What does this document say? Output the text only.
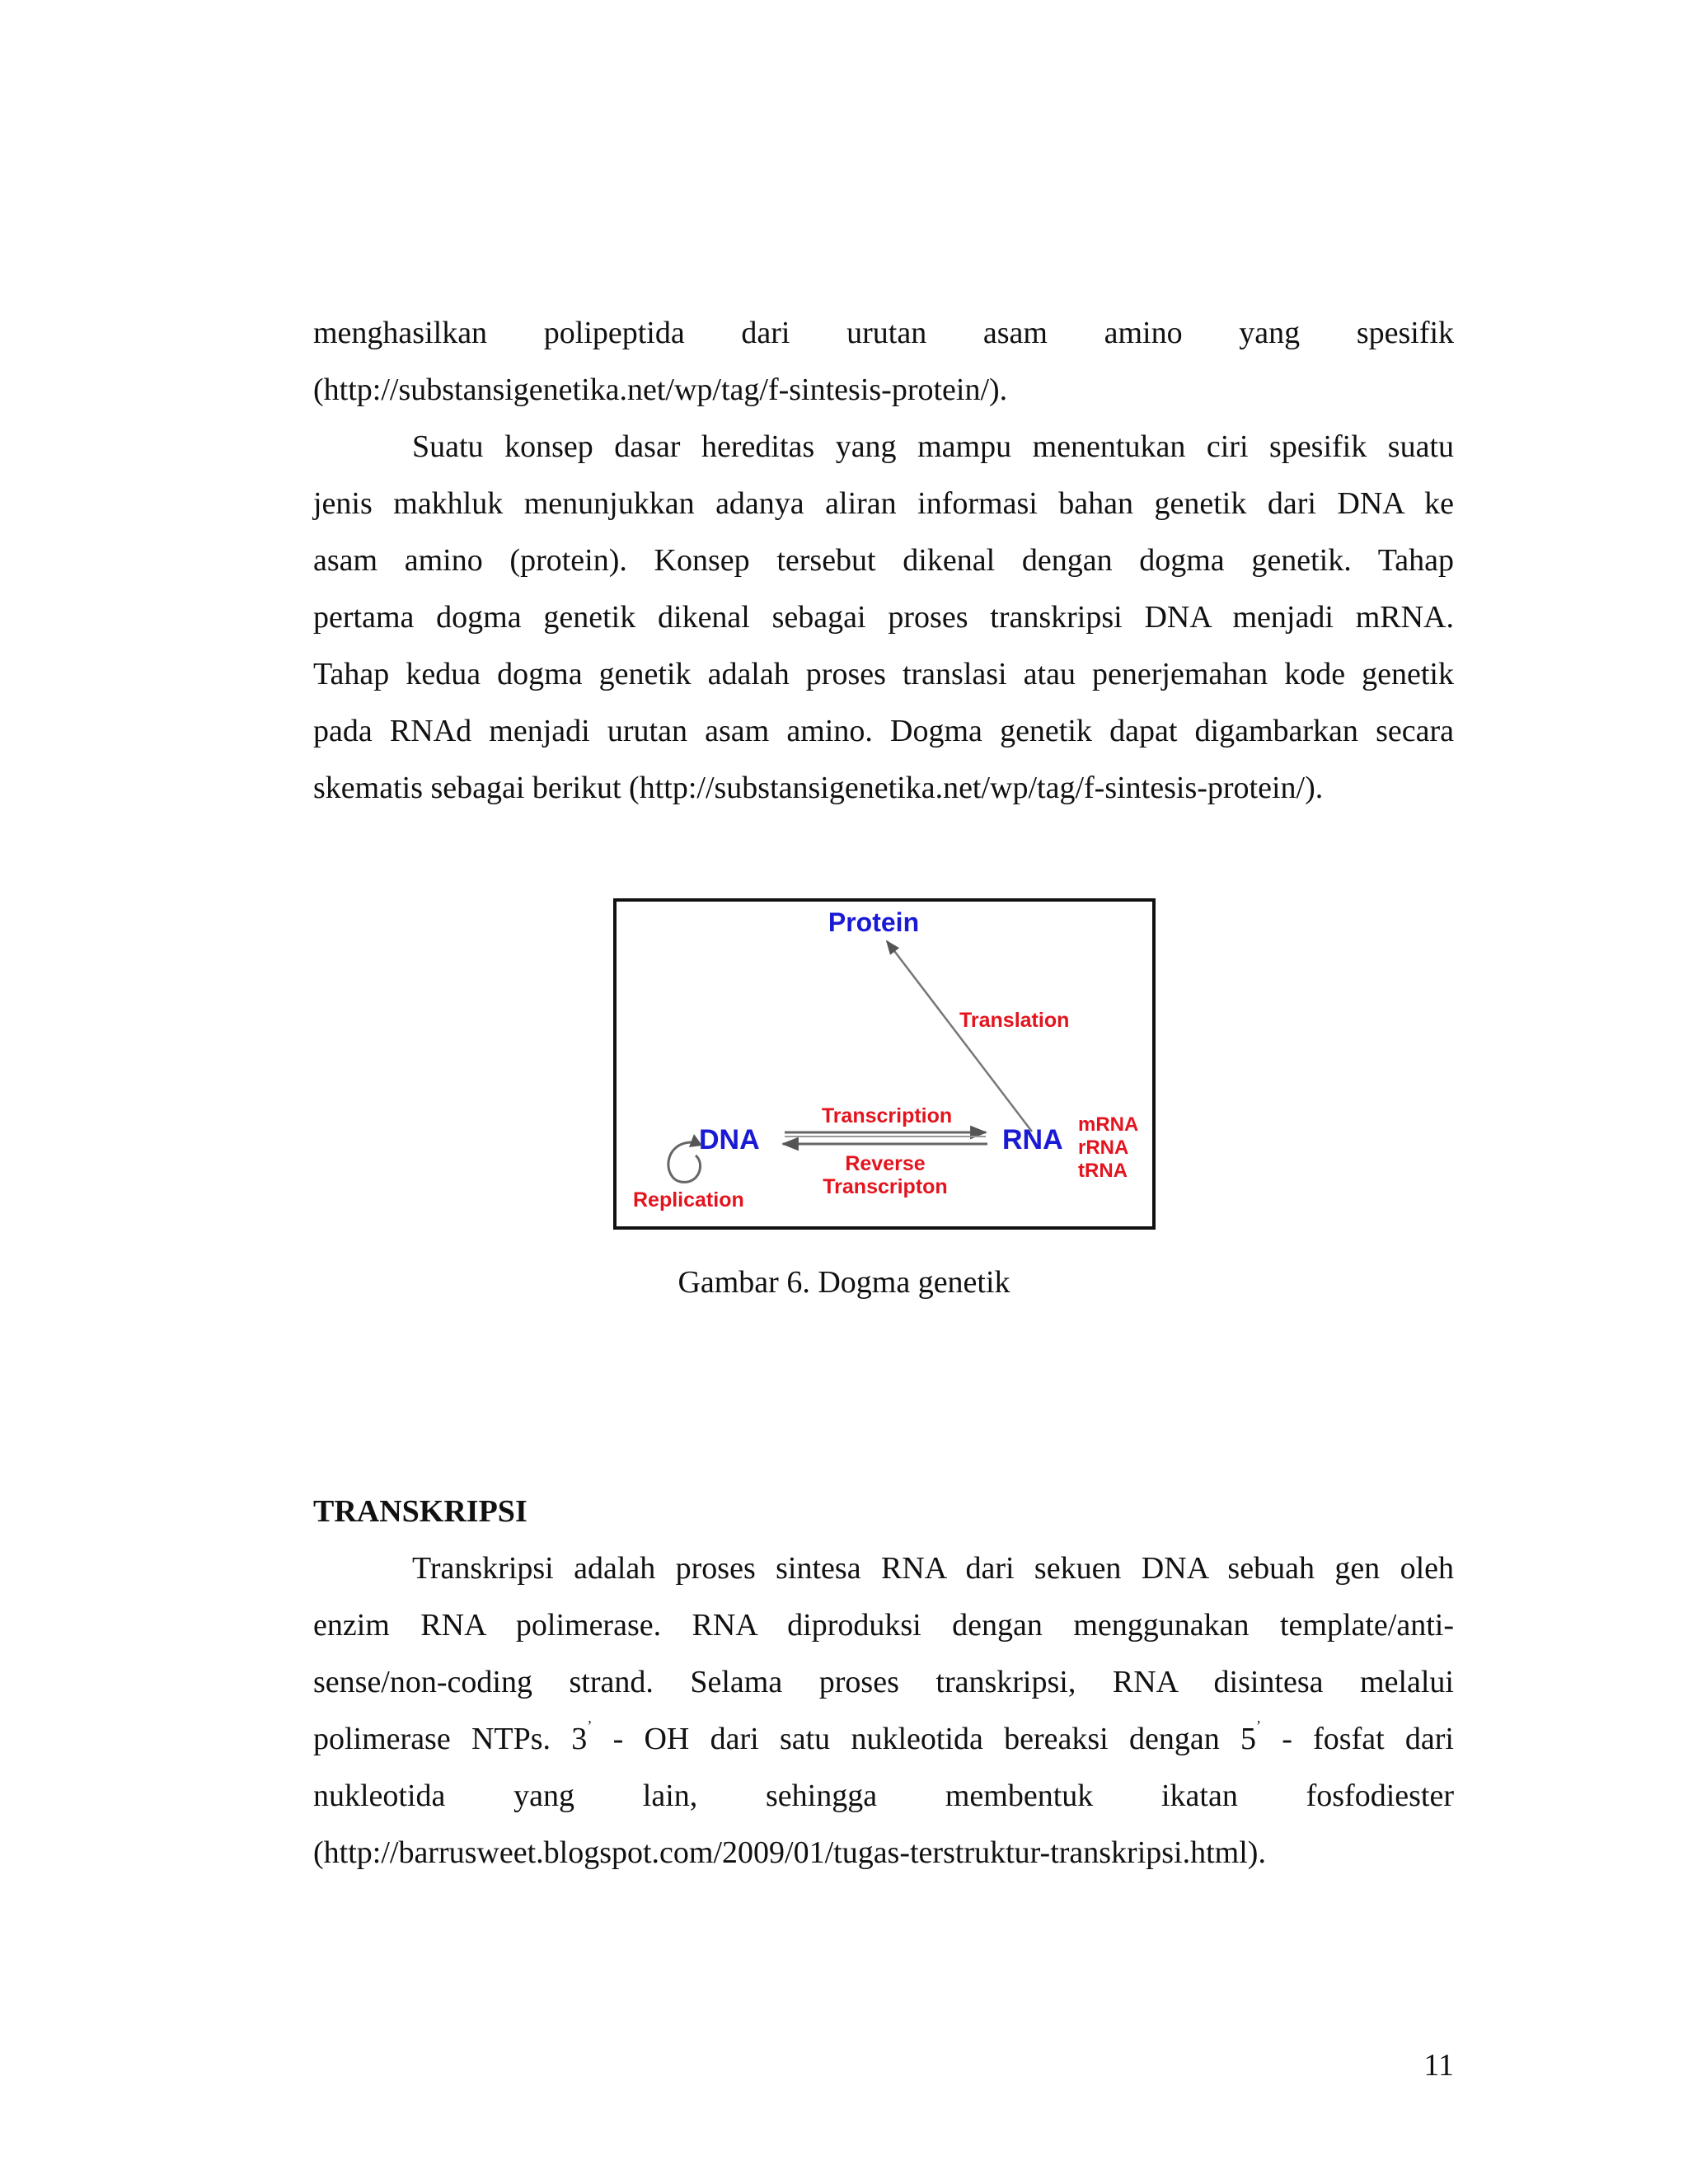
menghasilkan polipeptida dari urutan asam amino yang spesifik
(http://substansigenetika.net/wp/tag/f-sintesis-protein/).
Suatu konsep dasar hereditas yang mampu menentukan ciri spesifik suatu
jenis makhluk menunjukkan adanya aliran informasi bahan genetik dari DNA ke
asam amino (protein). Konsep tersebut dikenal dengan dogma genetik. Tahap
pertama dogma genetik dikenal sebagai proses transkripsi DNA menjadi mRNA.
Tahap kedua dogma genetik adalah proses translasi atau penerjemahan kode genetik
pada RNAd menjadi urutan asam amino. Dogma genetik dapat digambarkan secara
skematis sebagai berikut (http://substansigenetika.net/wp/tag/f-sintesis-protein/).
Protein
Translation
Transcription
DNA	RNA mRNA
rRNA
tRNA
Reverse
Transcripton
Replication
Gambar 6. Dogma genetik
TRANSKRIPSI
Transkripsi adalah proses sintesa RNA dari sekuen DNA sebuah gen oleh
enzim RNA polimerase. RNA diproduksi dengan menggunakan template/anti-
sense/non-coding strand. Selama proses transkripsi, RNA disintesa melalui
polimerase NTPs. 3’ - OH dari satu nukleotida bereaksi dengan 5’ - fosfat dari
nukleotida yang lain, sehingga membentuk ikatan fosfodiester
(http://barrusweet.blogspot.com/2009/01/tugas-terstruktur-transkripsi.html).
11
